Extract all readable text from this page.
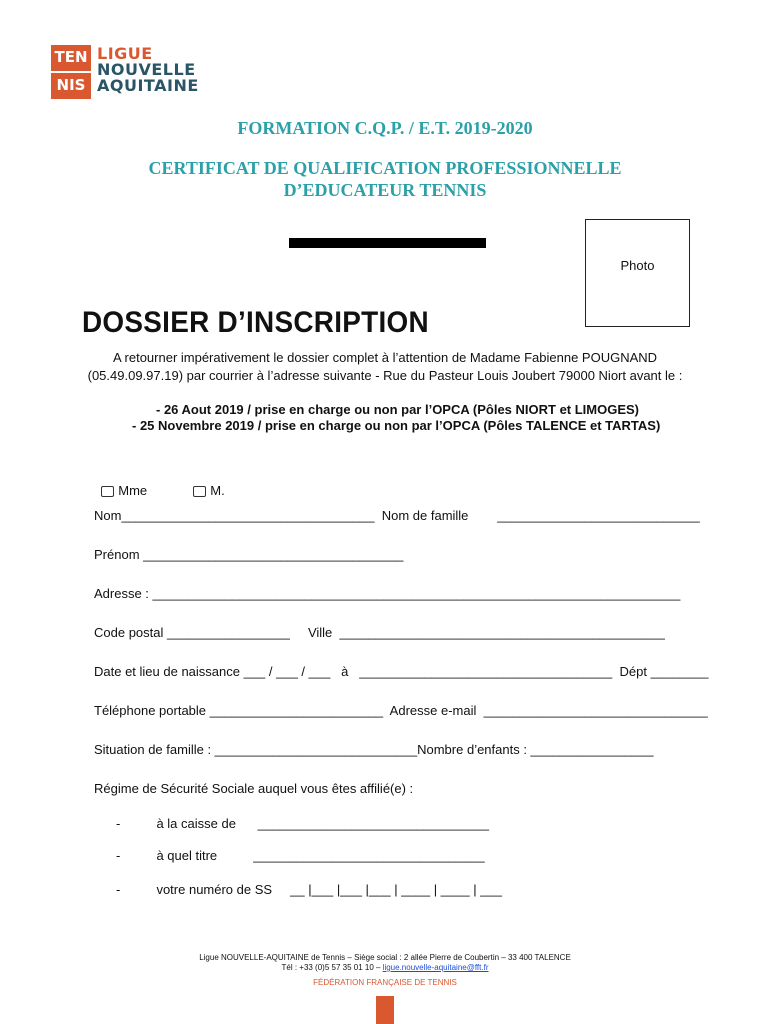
TEN
NIS
LIGUE
NOUVELLE
AQUITAINE
FORMATION C.Q.P. / E.T. 2019-2020
CERTIFICAT DE QUALIFICATION PROFESSIONNELLE
D’EDUCATEUR TENNIS
Photo
DOSSIER D’INSCRIPTION
A retourner impérativement le dossier complet à l’attention de Madame Fabienne POUGNAND
(05.49.09.97.19) par courrier à l’adresse suivante - Rue du Pasteur Louis Joubert 79000 Niort avant le :
- 26 Aout 2019 / prise en charge ou non par l’OPCA (Pôles NIORT et LIMOGES)
- 25 Novembre 2019 / prise en charge ou non par l’OPCA (Pôles TALENCE et TARTAS)

Mme	M.

Nom___________________________________  Nom de famille        ____________________________
Prénom ____________________________________
Adresse : _________________________________________________________________________
Code postal _________________     Ville  _____________________________________________
Date et lieu de naissance ___ / ___ / ___   à   ___________________________________  Dépt ________
Téléphone portable ________________________  Adresse e-mail  _______________________________
Situation de famille : ____________________________Nombre d’enfants : _________________
Régime de Sécurité Sociale auquel vous êtes affilié(e) :
-          à la caisse de      ________________________________
-          à quel titre          ________________________________
-          votre numéro de SS     __ |___ |___ |___ | ____ | ____ | ___
Ligue NOUVELLE-AQUITAINE de Tennis – Siège social : 2 allée Pierre de Coubertin – 33 400 TALENCE
Tél : +33 (0)5 57 35 01 10 – ligue.nouvelle-aquitaine@fft.fr
FÉDÉRATION FRANÇAISE DE TENNIS
